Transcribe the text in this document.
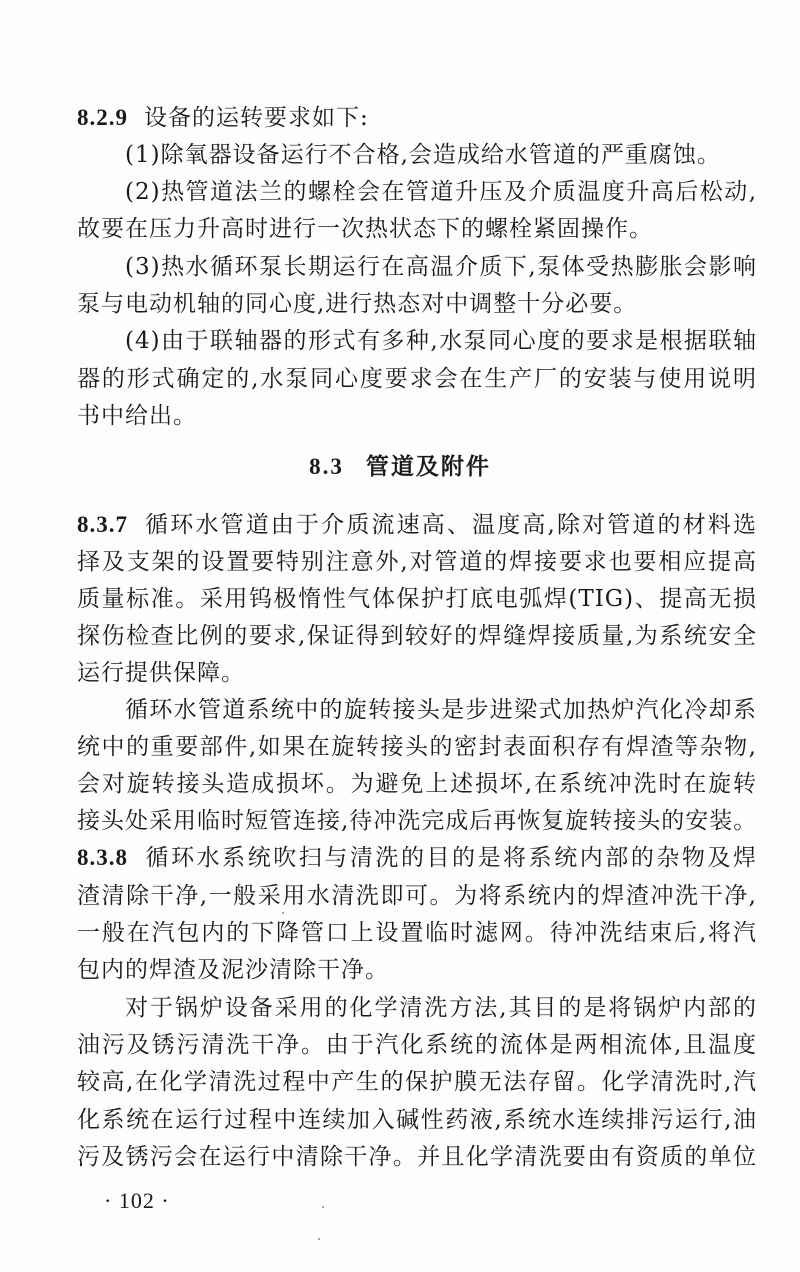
8.2.9 设备的运转要求如下:
(1)除氧器设备运行不合格,会造成给水管道的严重腐蚀。
(2)热管道法兰的螺栓会在管道升压及介质温度升高后松动,
故要在压力升高时进行一次热状态下的螺栓紧固操作。
(3)热水循环泵长期运行在高温介质下,泵体受热膨胀会影响
泵与电动机轴的同心度,进行热态对中调整十分必要。
(4)由于联轴器的形式有多种,水泵同心度的要求是根据联轴
器的形式确定的,水泵同心度要求会在生产厂的安装与使用说明
书中给出。
8.3 管道及附件
8.3.7 循环水管道由于介质流速高、温度高,除对管道的材料选
择及支架的设置要特别注意外,对管道的焊接要求也要相应提高
质量标准。采用钨极惰性气体保护打底电弧焊(TIG)、提高无损
探伤检查比例的要求,保证得到较好的焊缝焊接质量,为系统安全
运行提供保障。
循环水管道系统中的旋转接头是步进梁式加热炉汽化冷却系
统中的重要部件,如果在旋转接头的密封表面积存有焊渣等杂物,
会对旋转接头造成损坏。为避免上述损坏,在系统冲洗时在旋转
接头处采用临时短管连接,待冲洗完成后再恢复旋转接头的安装。
8.3.8 循环水系统吹扫与清洗的目的是将系统内部的杂物及焊
渣清除干净,一般采用水清洗即可。为将系统内的焊渣冲洗干净,
一般在汽包内的下降管口上设置临时滤网。待冲洗结束后,将汽
包内的焊渣及泥沙清除干净。
对于锅炉设备采用的化学清洗方法,其目的是将锅炉内部的
油污及锈污清洗干净。由于汽化系统的流体是两相流体,且温度
较高,在化学清洗过程中产生的保护膜无法存留。化学清洗时,汽
化系统在运行过程中连续加入碱性药液,系统水连续排污运行,油
污及锈污会在运行中清除干净。并且化学清洗要由有资质的单位
· 102 ·
